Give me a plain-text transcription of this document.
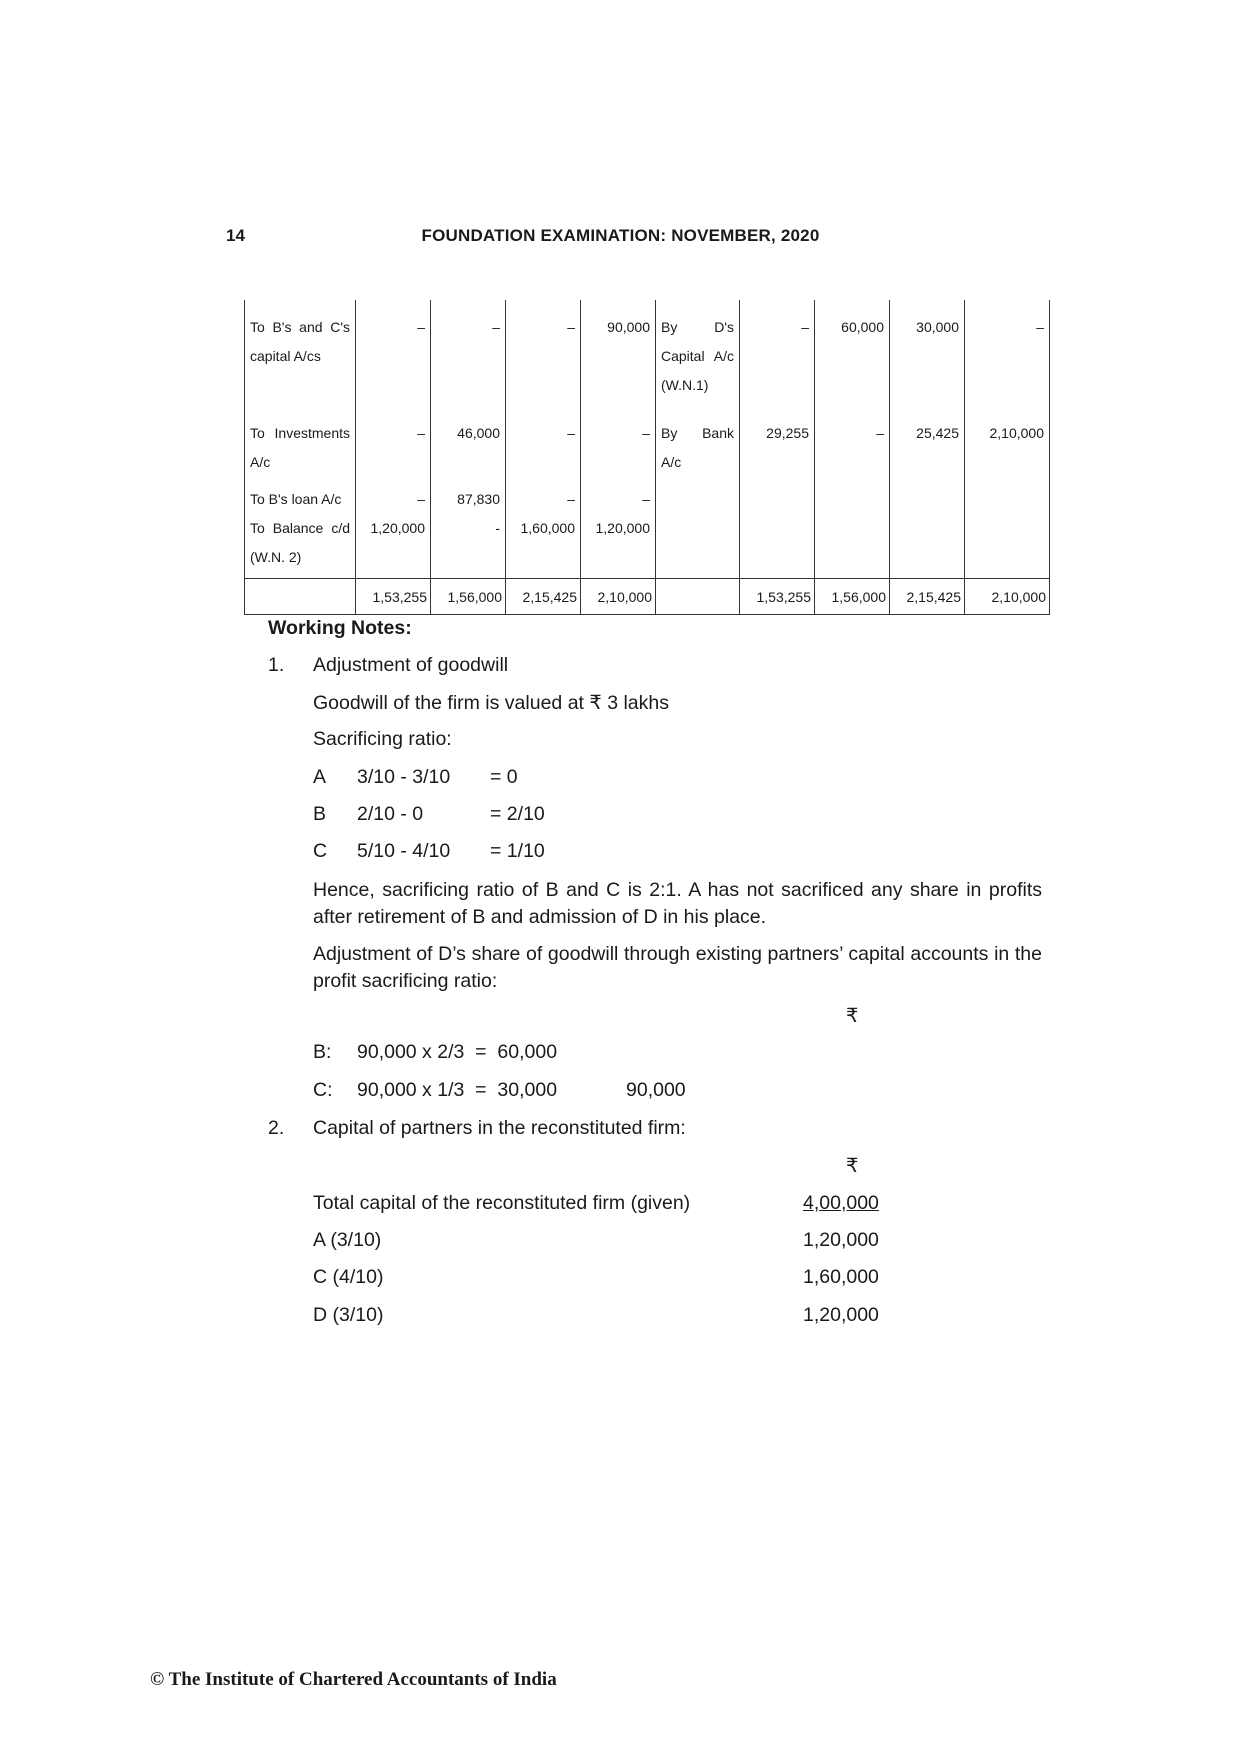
14	FOUNDATION EXAMINATION: NOVEMBER, 2020
To B's and C's capital A/cs	–	–	–	90,000	By D's Capital A/c (W.N.1)	–	60,000	30,000	–
To Investments A/c	–	46,000	–	–	By Bank A/c	29,255	–	25,425	2,10,000
To B's loan A/c	–	87,830	–	–					
To Balance c/d (W.N. 2)	1,20,000	-	1,60,000	1,20,000					
	1,53,255	1,56,000	2,15,425	2,10,000		1,53,255	1,56,000	2,15,425	2,10,000
Working Notes:
1. Adjustment of goodwill
Goodwill of the firm is valued at ₹ 3 lakhs
Sacrificing ratio:
A 3/10 - 3/10 = 0
B 2/10 - 0	= 2/10
C 5/10 - 4/10 = 1/10
Hence, sacrificing ratio of B and C is 2:1. A has not sacrificed any share in profits after retirement of B and admission of D in his place.
Adjustment of D’s share of goodwill through existing partners’ capital accounts in the profit sacrificing ratio:
₹
B: 90,000 x 2/3  =  60,000
C: 90,000 x 1/3  =  30,000	90,000
2. Capital of partners in the reconstituted firm:
₹
Total capital of the reconstituted firm (given)	4,00,000
A (3/10)	1,20,000
C (4/10)	1,60,000
D (3/10)	1,20,000
© The Institute of Chartered Accountants of India
